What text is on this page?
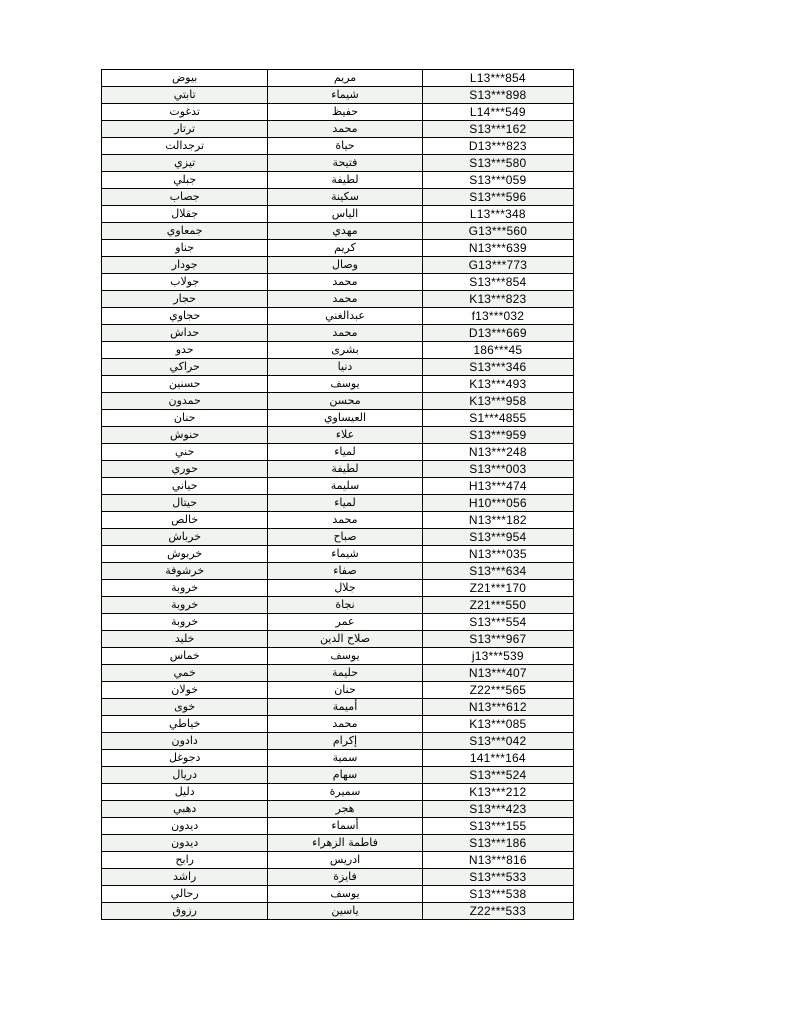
بيوض	مريم	L13***854
تابتي	شيماء	S13***898
تدغوت	حفيظ	L14***549
ترتار	محمد	S13***162
ترجدالت	حياة	D13***823
تيزي	فتيحة	S13***580
جبلي	لطيفة	S13***059
جصاب	سكينة	S13***596
جقلال	الياس	L13***348
جمعاوي	مهدي	G13***560
جناو	كريم	N13***639
جودار	وصال	G13***773
جولاب	محمد	S13***854
حجار	محمد	K13***823
حجاوي	عبدالغني	f13***032
حداش	محمد	D13***669
حدو	بشرى	186***45
حراكي	دنيا	S13***346
حسنين	يوسف	K13***493
حمدون	محسن	K13***958
حنان	العيساوي	S1***4855
حنوش	علاء	S13***959
حني	لمياء	N13***248
حوري	لطيفة	S13***003
حياني	سليمة	H13***474
حيتال	لمياء	H10***056
خالص	محمد	N13***182
خرباش	صباح	S13***954
خربوش	شيماء	N13***035
خرشوفة	صفاء	S13***634
خروبة	جلال	Z21***170
خروبة	نجاة	Z21***550
خروبة	عمر	S13***554
خليد	صلاح الدين	S13***967
خماس	يوسف	j13***539
خمي	حليمة	N13***407
خولان	حنان	Z22***565
خوى	أميمة	N13***612
خياطي	محمد	K13***085
دادون	إكرام	S13***042
دجوغل	سمية	141***164
دريال	سهام	S13***524
دليل	سميرة	K13***212
دهبي	هجر	S13***423
ديدون	أسماء	S13***155
ديدون	فاطمة الزهراء	S13***186
رابح	ادريس	N13***816
راشد	فايزة	S13***533
رحالي	يوسف	S13***538
رزوق	ياسين	Z22***533
